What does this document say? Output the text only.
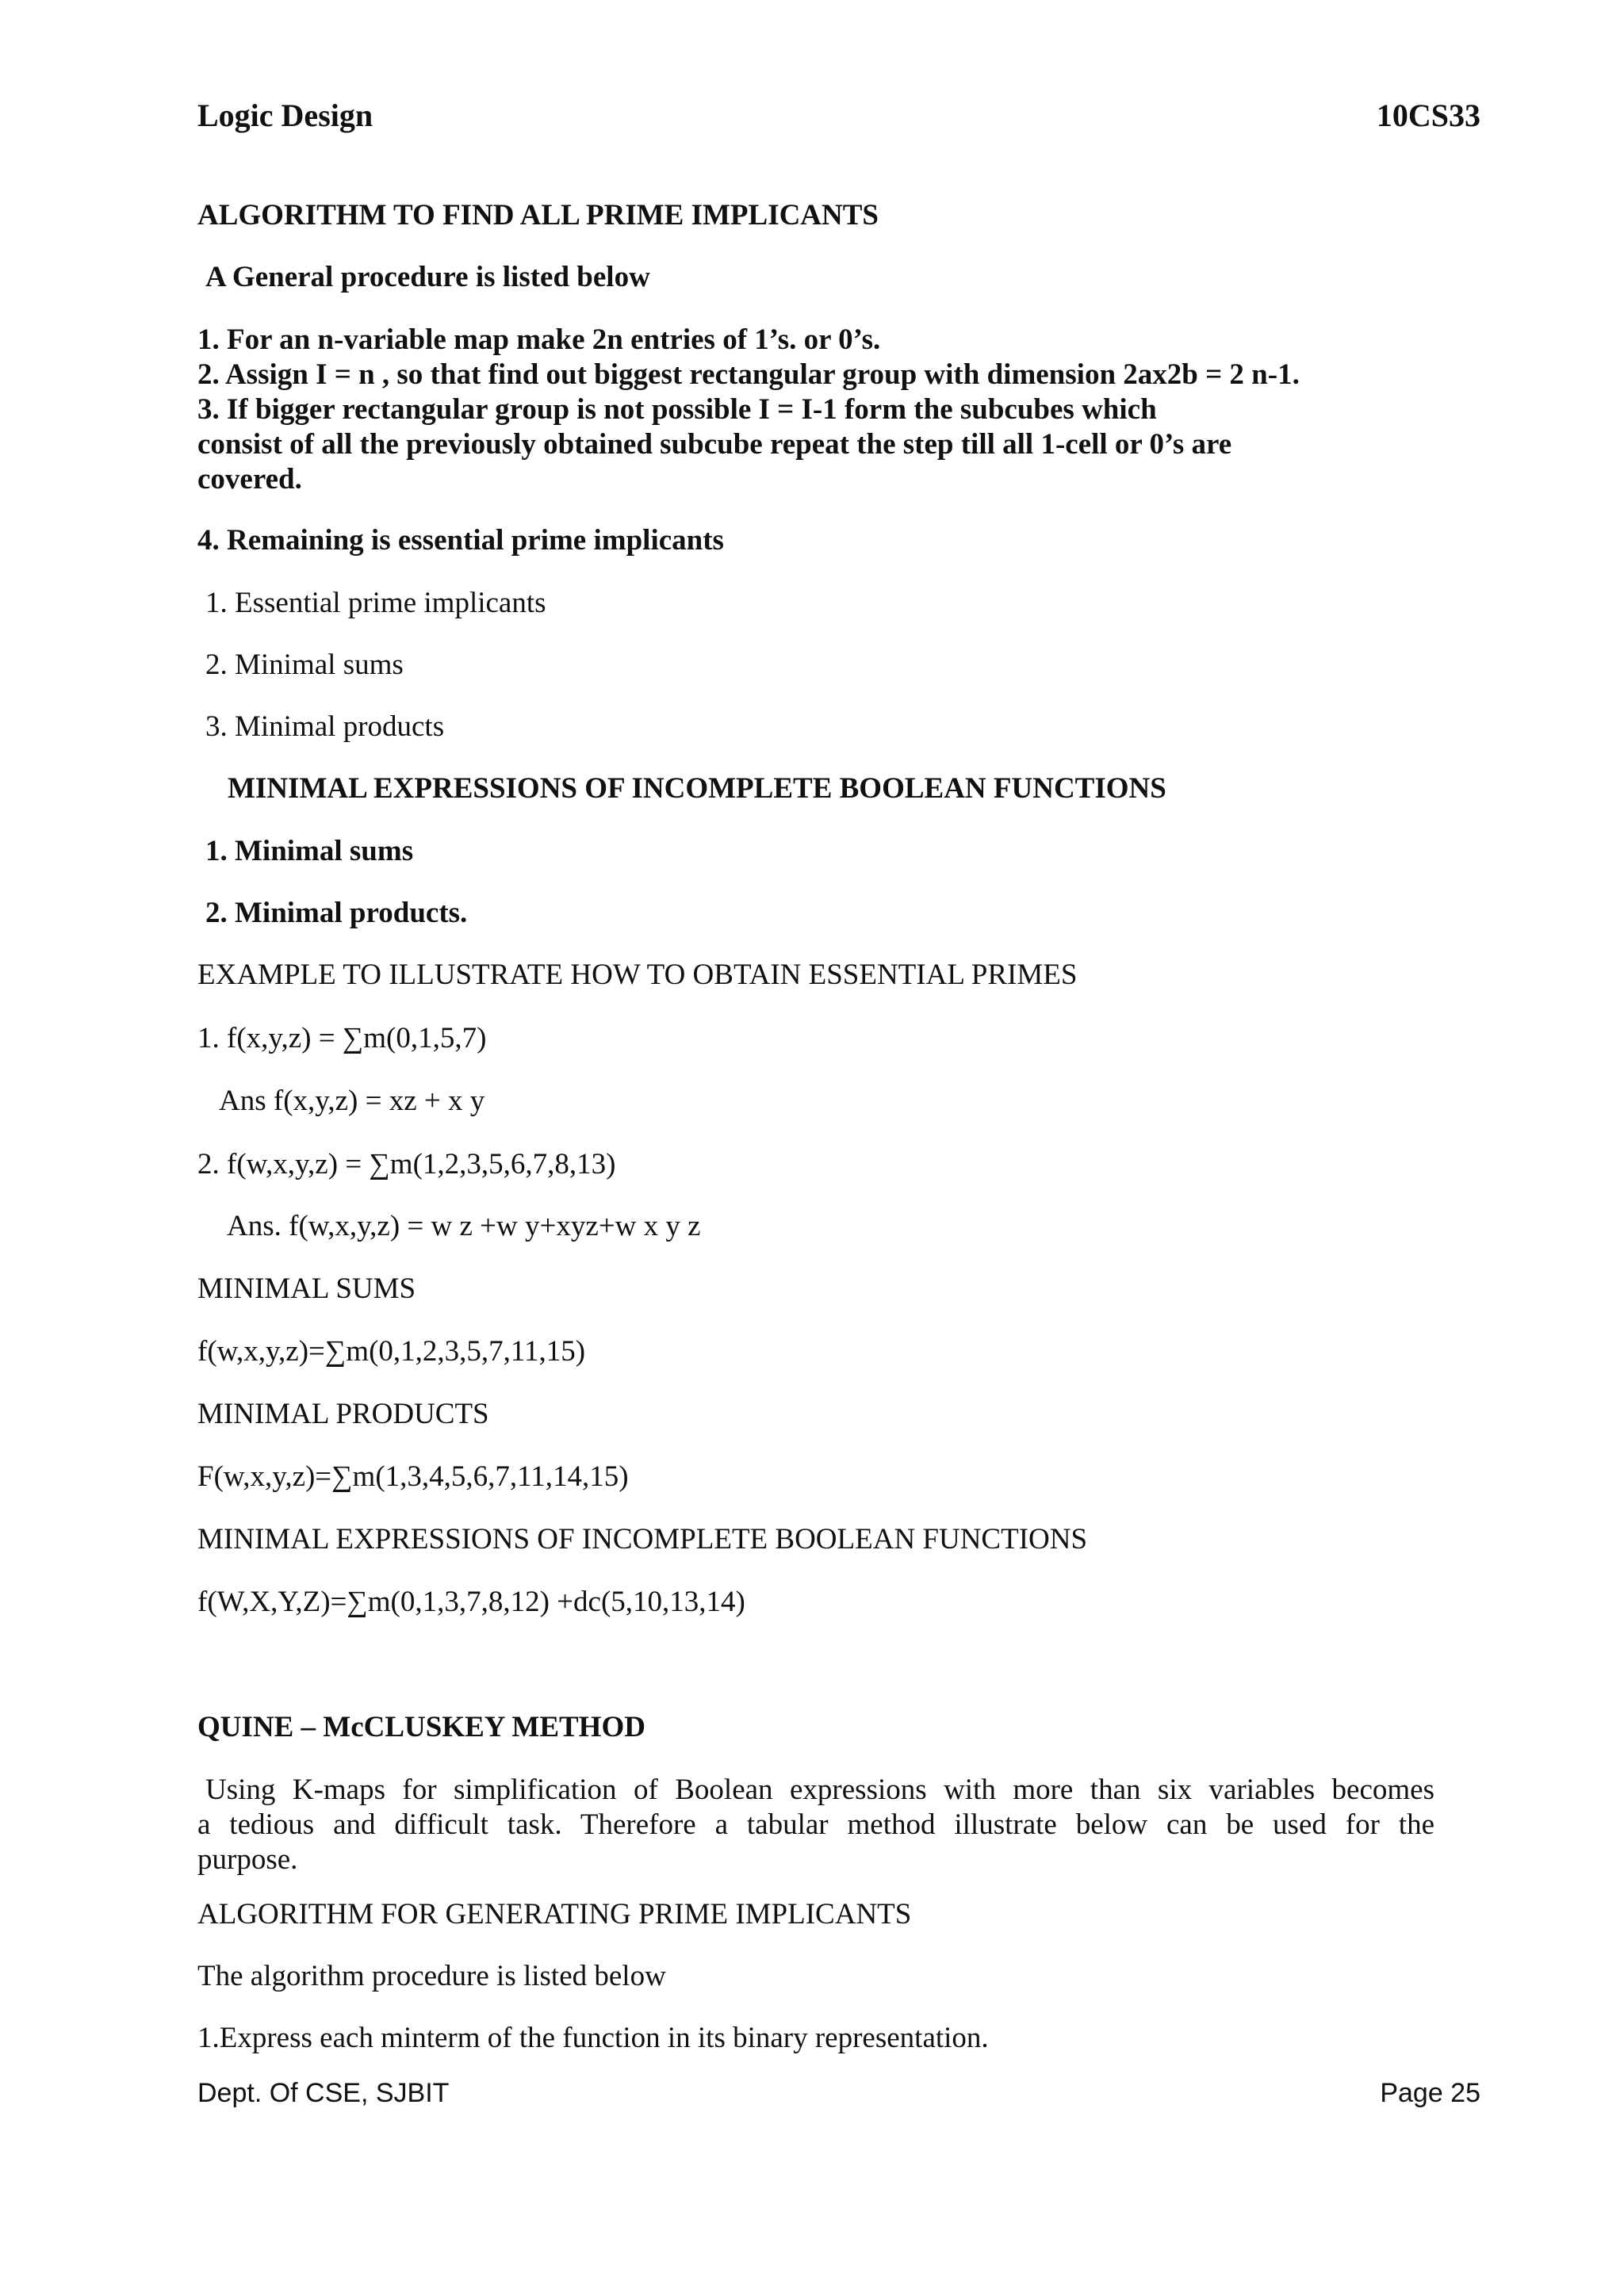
Logic Design	10CS33
ALGORITHM TO FIND ALL PRIME IMPLICANTS
A General procedure is listed below
1. For an n-variable map make 2n entries of 1’s. or 0’s.
2. Assign I = n , so that find out biggest rectangular group with dimension 2ax2b = 2 n-1.
3. If bigger rectangular group is not possible I = I-1 form the subcubes which
consist of all the previously obtained subcube repeat the step till all 1-cell or 0’s are
covered.
4. Remaining is essential prime implicants
1. Essential prime implicants
2. Minimal sums
3. Minimal products
MINIMAL EXPRESSIONS OF INCOMPLETE BOOLEAN FUNCTIONS
1. Minimal sums
2. Minimal products.
EXAMPLE TO ILLUSTRATE HOW TO OBTAIN ESSENTIAL PRIMES
1. f(x,y,z) = ∑m(0,1,5,7)
Ans f(x,y,z) = xz + x y
2. f(w,x,y,z) = ∑m(1,2,3,5,6,7,8,13)
Ans. f(w,x,y,z) = w z +w y+xyz+w x y z
MINIMAL SUMS
f(w,x,y,z)=∑m(0,1,2,3,5,7,11,15)
MINIMAL PRODUCTS
F(w,x,y,z)=∑m(1,3,4,5,6,7,11,14,15)
MINIMAL EXPRESSIONS OF INCOMPLETE BOOLEAN FUNCTIONS
f(W,X,Y,Z)=∑m(0,1,3,7,8,12) +dc(5,10,13,14)
QUINE – McCLUSKEY METHOD
Using K-maps for simplification of Boolean expressions with more than six variables becomes
a tedious and difficult task. Therefore a tabular method illustrate below can be used for the
purpose.
ALGORITHM FOR GENERATING PRIME IMPLICANTS
The algorithm procedure is listed below
1.Express each minterm of the function in its binary representation.
Dept. Of CSE, SJBIT	Page 25
